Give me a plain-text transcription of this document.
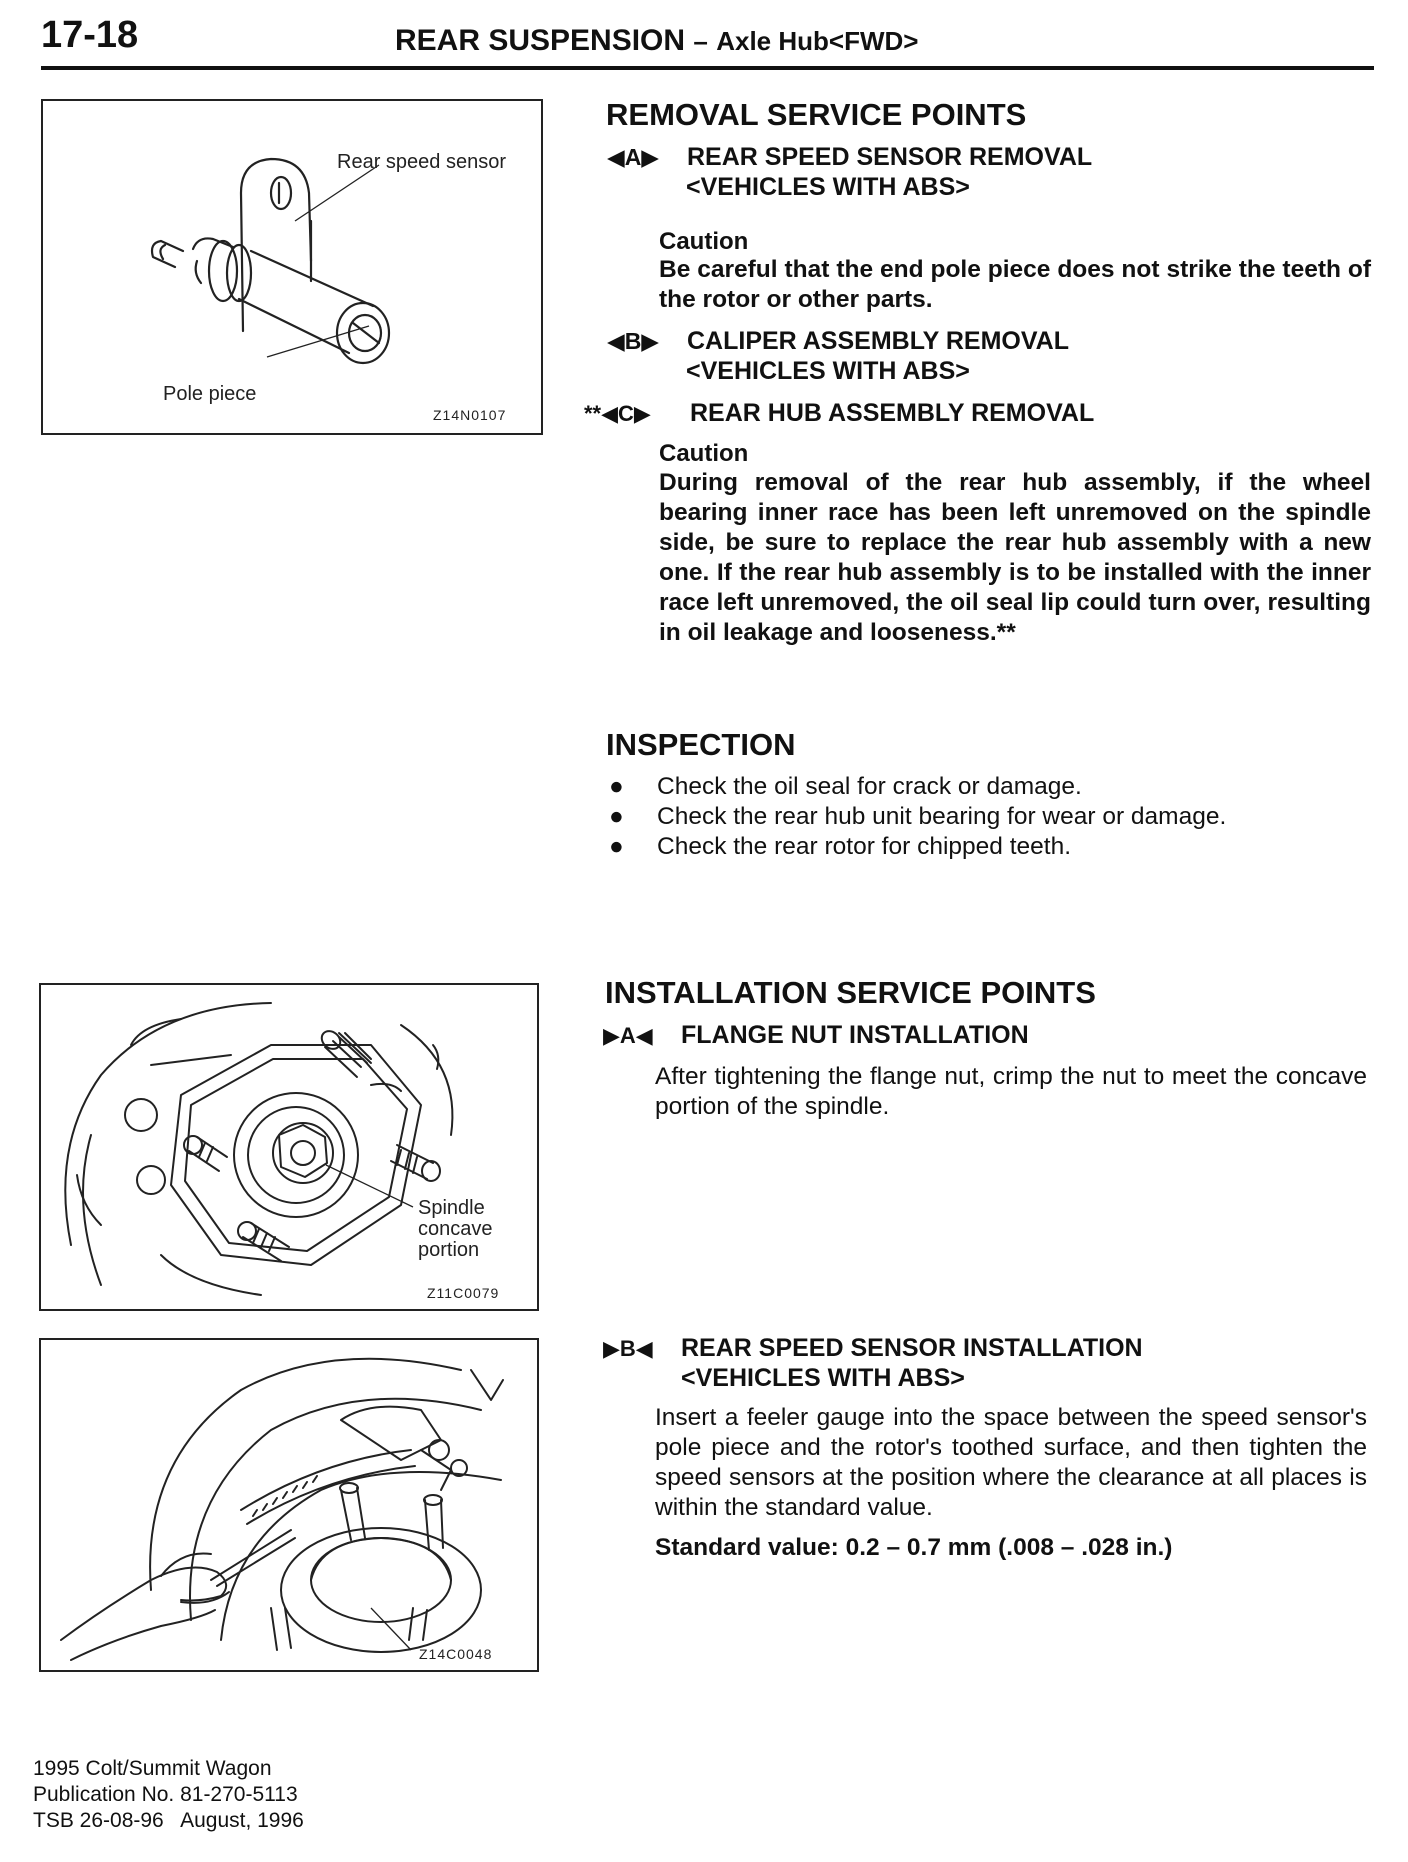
17-18	REAR SUSPENSION – Axle Hub<FWD>
Rear speed sensor
Pole piece
Z14N0107
Spindle
concave
portion
Z11C0079
Z14C0048
REMOVAL SERVICE POINTS
◀A▶ REAR SPEED SENSOR REMOVAL
<VEHICLES WITH ABS>
Caution
Be careful that the end pole piece does not strike the teeth of the rotor or other parts.
◀B▶ CALIPER ASSEMBLY REMOVAL
<VEHICLES WITH ABS>
**◀C▶ REAR HUB ASSEMBLY REMOVAL
Caution
During removal of the rear hub assembly, if the wheel bearing inner race has been left unremoved on the spindle side, be sure to replace the rear hub assembly with a new one. If the rear hub assembly is to be installed with the inner race left unremoved, the oil seal lip could turn over, resulting in oil leakage and looseness.**
INSPECTION
● Check the oil seal for crack or damage.
● Check the rear hub unit bearing for wear or damage.
● Check the rear rotor for chipped teeth.
INSTALLATION SERVICE POINTS
▶A◀ FLANGE NUT INSTALLATION
After tightening the flange nut, crimp the nut to meet the concave portion of the spindle.
▶B◀ REAR SPEED SENSOR INSTALLATION
<VEHICLES WITH ABS>
Insert a feeler gauge into the space between the speed sensor's pole piece and the rotor's toothed surface, and then tighten the speed sensors at the position where the clearance at all places is within the standard value.
Standard value: 0.2 – 0.7 mm (.008 – .028 in.)
1995 Colt/Summit Wagon
Publication No. 81-270-5113
TSB 26-08-96   August, 1996
